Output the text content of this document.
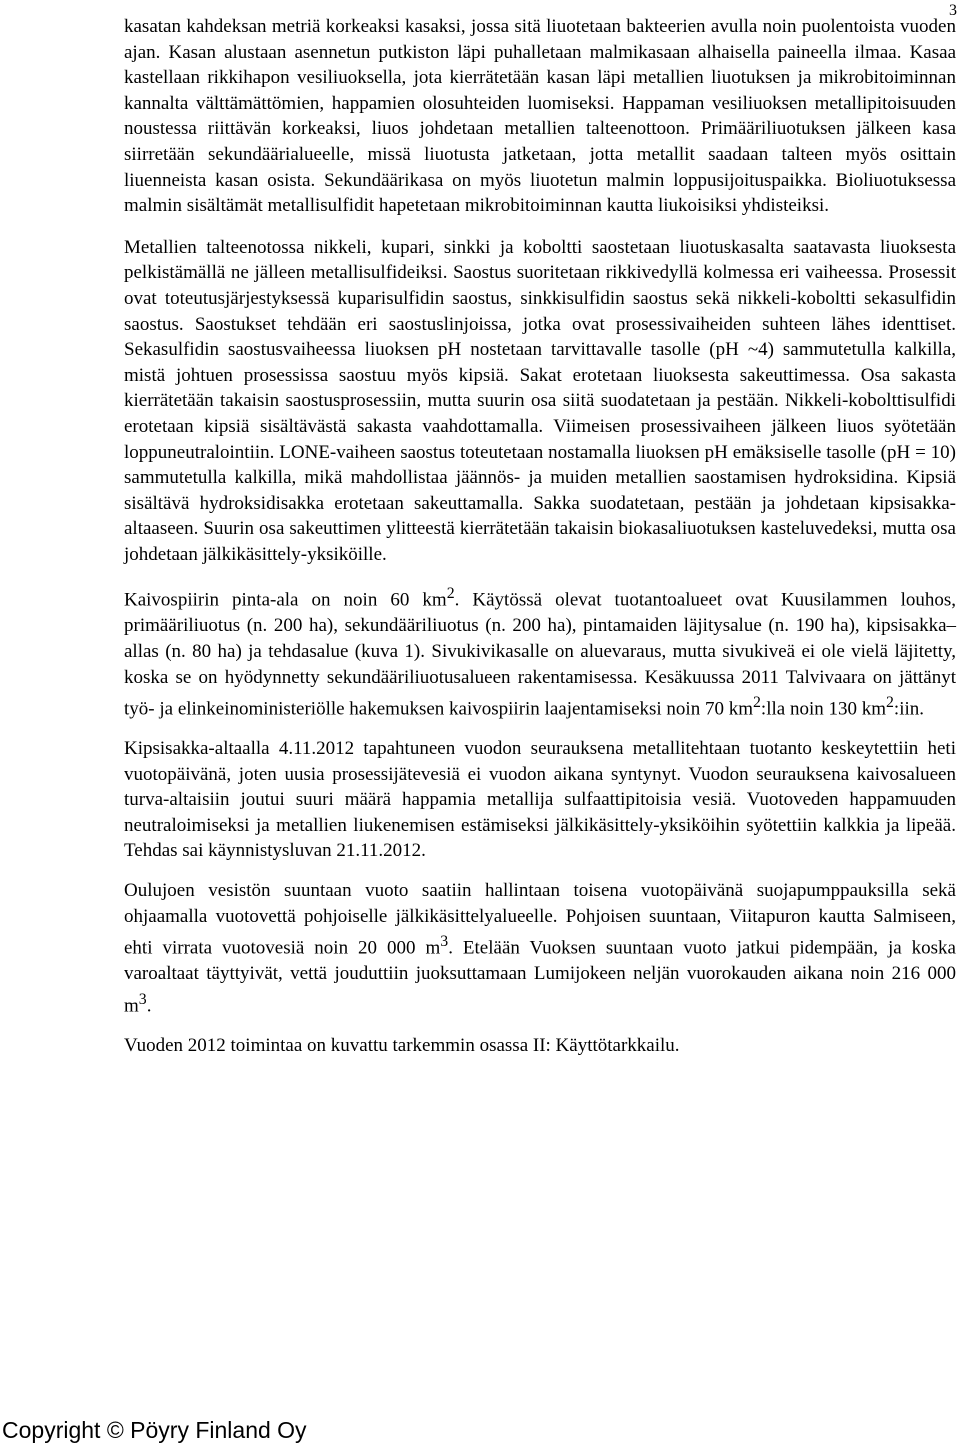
3

kasatan kahdeksan metriä korkeaksi kasaksi, jossa sitä liuotetaan bakteerien avulla noin puolentoista vuoden ajan. Kasan alustaan asennetun putkiston läpi puhalletaan malmikasaan alhaisella paineella ilmaa. Kasaa kastellaan rikkihapon vesiliuoksella, jota kierrätetään kasan läpi metallien liuotuksen ja mikrobitoiminnan kannalta välttämättömien, happamien olosuhteiden luomiseksi. Happaman vesiliuoksen metallipitoisuuden noustessa riittävän korkeaksi, liuos johdetaan metallien talteenottoon. Primääriliuotuksen jälkeen kasa siirretään sekundäärialueelle, missä liuotusta jatketaan, jotta metallit saadaan talteen myös osittain liuenneista kasan osista. Sekundäärikasa on myös liuotetun malmin loppusijoituspaikka. Bioliuotuksessa malmin sisältämät metallisulfidit hapetetaan mikrobitoiminnan kautta liukoisiksi yhdisteiksi.

Metallien talteenotossa nikkeli, kupari, sinkki ja koboltti saostetaan liuotuskasalta saatavasta liuoksesta pelkistämällä ne jälleen metallisulfideiksi. Saostus suoritetaan rikkivedyllä kolmessa eri vaiheessa. Prosessit ovat toteutusjärjestyksessä kuparisulfidin saostus, sinkkisulfidin saostus sekä nikkeli-koboltti sekasulfidin saostus. Saostukset tehdään eri saostuslinjoissa, jotka ovat prosessivaiheiden suhteen lähes identtiset. Sekasulfidin saostusvaiheessa liuoksen pH nostetaan tarvittavalle tasolle (pH ~4) sammutetulla kalkilla, mistä johtuen prosessissa saostuu myös kipsiä. Sakat erotetaan liuoksesta sakeuttimessa. Osa sakasta kierrätetään takaisin saostusprosessiin, mutta suurin osa siitä suodatetaan ja pestään. Nikkeli-kobolttisulfidi erotetaan kipsiä sisältävästä sakasta vaahdottamalla. Viimeisen prosessivaiheen jälkeen liuos syötetään loppuneutralointiin. LONE-vaiheen saostus toteutetaan nostamalla liuoksen pH emäksiselle tasolle (pH = 10) sammutetulla kalkilla, mikä mahdollistaa jäännös- ja muiden metallien saostamisen hydroksidina. Kipsiä sisältävä hydroksidisakka erotetaan sakeuttamalla. Sakka suodatetaan, pestään ja johdetaan kipsisakka-altaaseen. Suurin osa sakeuttimen ylitteestä kierrätetään takaisin biokasaliuotuksen kasteluvedeksi, mutta osa johdetaan jälkikäsittely-yksiköille.

Kaivospiirin pinta-ala on noin 60 $km^2$. Käytössä olevat tuotantoalueet ovat Kuusilammen louhos, primääriliuotus (n. 200 ha), sekundääriliuotus (n. 200 ha), pintamaiden läjitysalue (n. 190 ha), kipsisakka–allas (n. 80 ha) ja tehdasalue (kuva 1). Sivukivikasalle on aluevaraus, mutta sivukiveä ei ole vielä läjitetty, koska se on hyödynnetty sekundääriliuotusalueen rakentamisessa. Kesäkuussa 2011 Talvivaara on jättänyt työ- ja elinkeinoministeriölle hakemuksen kaivospiirin laajentamiseksi noin 70 $km^2:lla$ noin 130 $km^2:iin$.

Kipsisakka-altaalla 4.11.2012 tapahtuneen vuodon seurauksena metallitehtaan tuotanto keskeytettiin heti vuotopäivänä, joten uusia prosessijätevesiä ei vuodon aikana syntynyt. Vuodon seurauksena kaivosalueen turva-altaisiin joutui suuri määrä happamia metallija sulfaattipitoisia vesiä. Vuotoveden happamuuden neutraloimiseksi ja metallien liukenemisen estämiseksi jälkikäsittely-yksiköihin syötettiin kalkkia ja lipeää. Tehdas sai käynnistysluvan 21.11.2012.

Oulujoen vesistön suuntaan vuoto saatiin hallintaan toisena vuotopäivänä suojapumppauksilla sekä ohjaamalla vuotovettä pohjoiselle jälkikäsittelyalueelle. Pohjoisen suuntaan, Viitapuron kautta Salmiseen, ehti virrata vuotovesiä noin 20 000 $m^3$. Etelään Vuoksen suuntaan vuoto jatkui pidempään, ja koska varoaltaat täyttyivät, vettä jouduttiin juoksuttamaan Lumijokeen neljän vuorokauden aikana noin 216 000 $m^3$.

Vuoden 2012 toimintaa on kuvattu tarkemmin osassa II: Käyttötarkkailu.

Copyright © Pöyry Finland Oy
